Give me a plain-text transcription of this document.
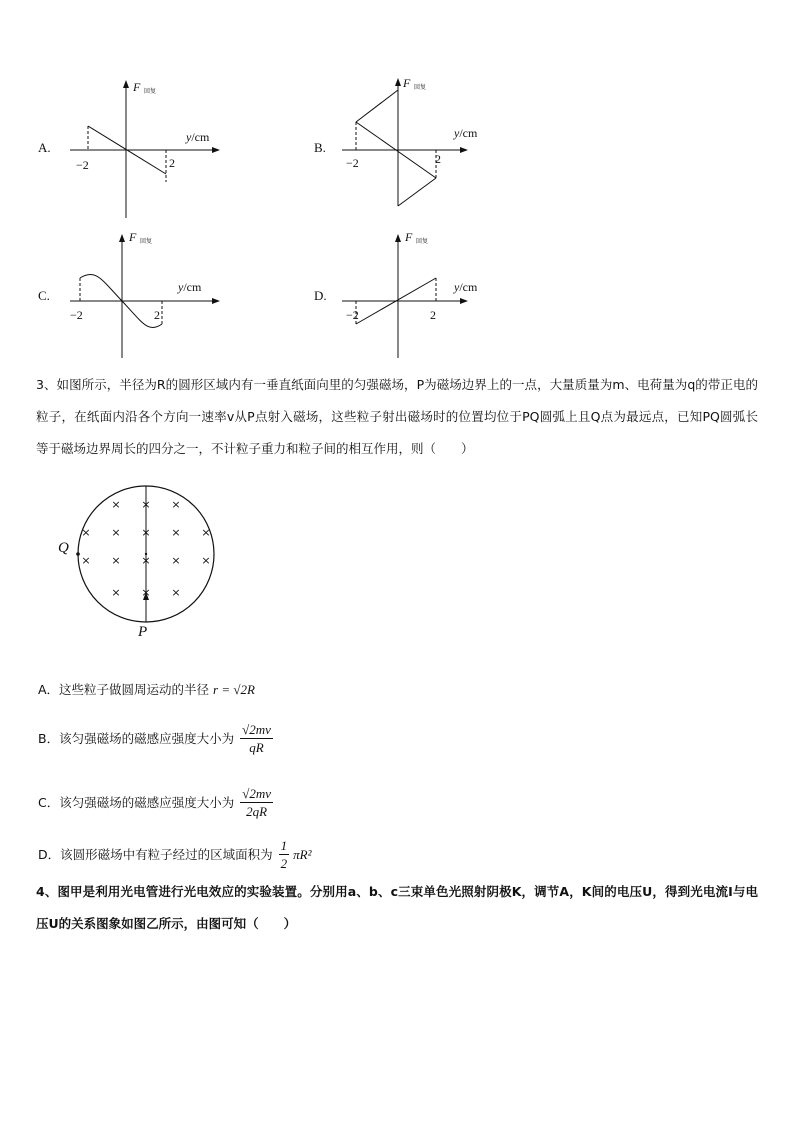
A.
F 回复
y/cm
−2	2
B.
F 回复
y/cm
−2	2
C.
F 回复
y/cm
−2	2
D.
F 回复
y/cm
−2	2
3、如图所示，半径为R的圆形区域内有一垂直纸面向里的匀强磁场，P为磁场边界上的一点，大量质量为m、电荷量为q的带正电的粒子，在纸面内沿各个方向一速率v从P点射入磁场，这些粒子射出磁场时的位置均位于PQ圆弧上且Q点为最远点，已知PQ圆弧长等于磁场边界周长的四分之一，不计粒子重力和粒子间的相互作用，则（　　）
× × ×
× × × × ×
× × × × ×
× × ×
Q
P
A．这些粒子做圆周运动的半径 r = √2R
B．该匀强磁场的磁感应强度大小为 $\frac{√2mv}{qR}$
C．该匀强磁场的磁感应强度大小为 $\frac{√2mv}{2qR}$
D．该圆形磁场中有粒子经过的区域面积为 $\frac{1}{2} \pi R^2$
4、图甲是利用光电管进行光电效应的实验装置。分别用a、b、c三束单色光照射阴极K，调节A，K间的电压U，得到光电流I与电压U的关系图象如图乙所示，由图可知（　　）
